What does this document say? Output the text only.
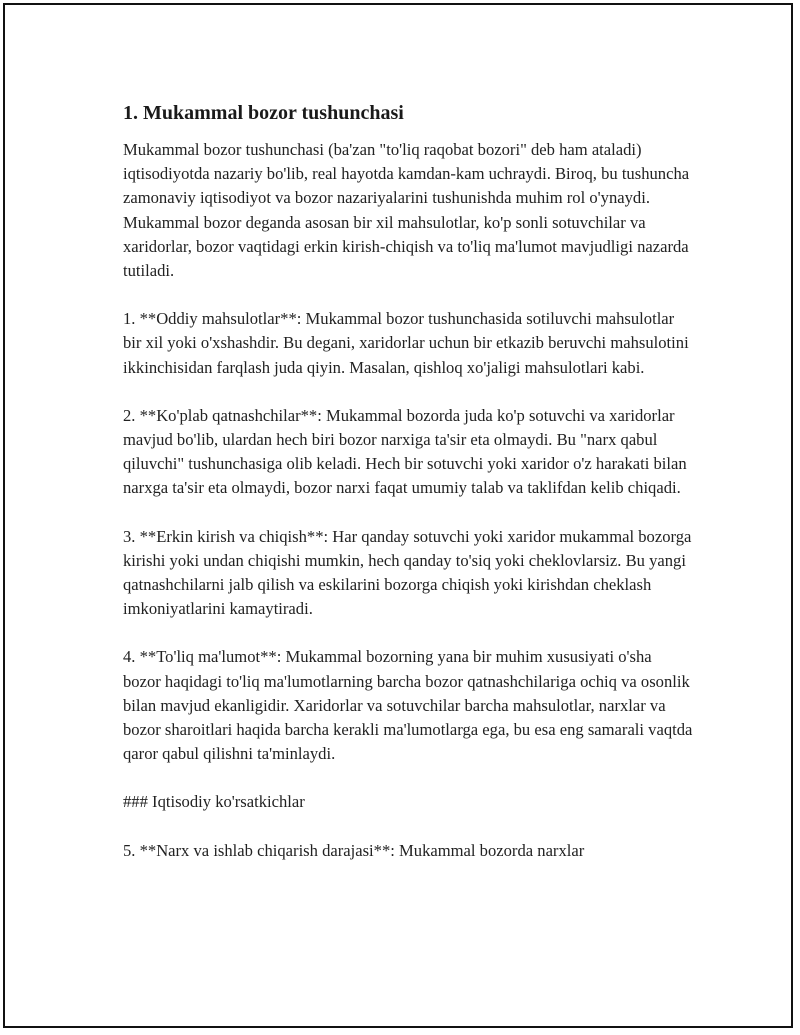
1. Mukammal bozor tushunchasi

Mukammal bozor tushunchasi (ba'zan "to'liq raqobat bozori" deb ham ataladi) iqtisodiyotda nazariy bo'lib, real hayotda kamdan-kam uchraydi. Biroq, bu tushuncha zamonaviy iqtisodiyot va bozor nazariyalarini tushunishda muhim rol o'ynaydi. Mukammal bozor deganda asosan bir xil mahsulotlar, ko'p sonli sotuvchilar va xaridorlar, bozor vaqtidagi erkin kirish-chiqish va to'liq ma'lumot mavjudligi nazarda tutiladi.

1. **Oddiy mahsulotlar**: Mukammal bozor tushunchasida sotiluvchi mahsulotlar bir xil yoki o'xshashdir. Bu degani, xaridorlar uchun bir etkazib beruvchi mahsulotini ikkinchisidan farqlash juda qiyin. Masalan, qishloq xo'jaligi mahsulotlari kabi.

2. **Ko'plab qatnashchilar**: Mukammal bozorda juda ko'p sotuvchi va xaridorlar mavjud bo'lib, ulardan hech biri bozor narxiga ta'sir eta olmaydi. Bu "narx qabul qiluvchi" tushunchasiga olib keladi. Hech bir sotuvchi yoki xaridor o'z harakati bilan narxga ta'sir eta olmaydi, bozor narxi faqat umumiy talab va taklifdan kelib chiqadi.

3. **Erkin kirish va chiqish**: Har qanday sotuvchi yoki xaridor mukammal bozorga kirishi yoki undan chiqishi mumkin, hech qanday to'siq yoki cheklovlarsiz. Bu yangi qatnashchilarni jalb qilish va eskilarini bozorga chiqish yoki kirishdan cheklash imkoniyatlarini kamaytiradi.

4. **To'liq ma'lumot**: Mukammal bozorning yana bir muhim xususiyati o'sha bozor haqidagi to'liq ma'lumotlarning barcha bozor qatnashchilariga ochiq va osonlik bilan mavjud ekanligidir. Xaridorlar va sotuvchilar barcha mahsulotlar, narxlar va bozor sharoitlari haqida barcha kerakli ma'lumotlarga ega, bu esa eng samarali vaqtda qaror qabul qilishni ta'minlaydi.

### Iqtisodiy ko'rsatkichlar

5. **Narx va ishlab chiqarish darajasi**: Mukammal bozorda narxlar
